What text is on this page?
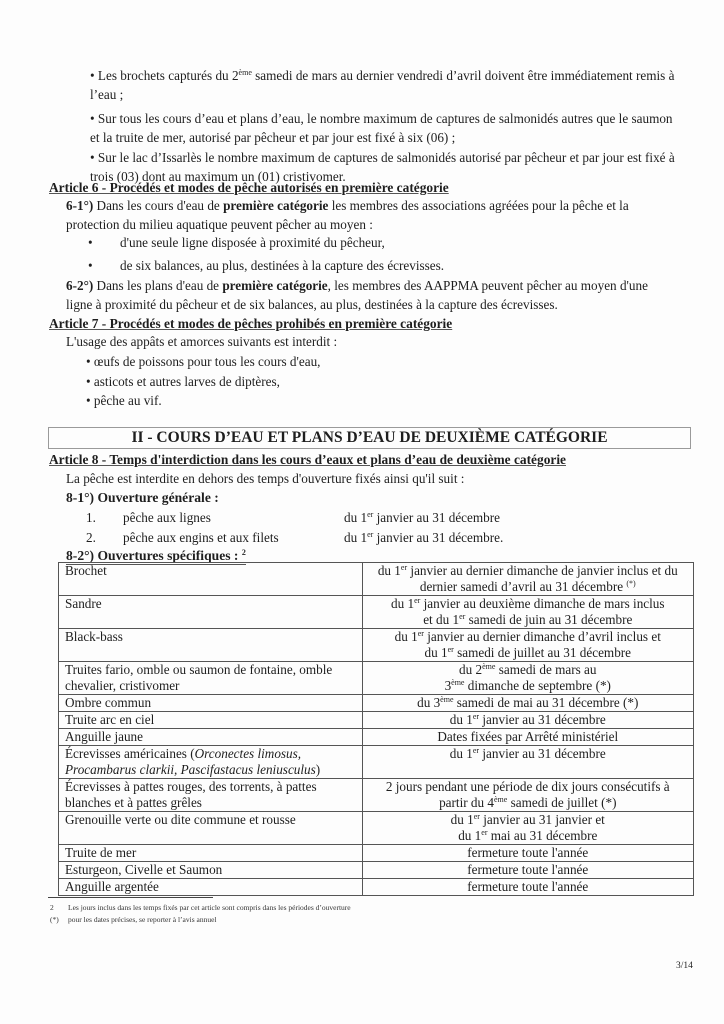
• Les brochets capturés du 2ème samedi de mars au dernier vendredi d’avril doivent être immédiatement remis à
l’eau ;
• Sur tous les cours d’eau et plans d’eau, le nombre maximum de captures de salmonidés autres que le saumon
et la truite de mer, autorisé par pêcheur et par jour est fixé à six (06) ;
• Sur le lac d’Issarlès le nombre maximum de captures de salmonidés autorisé par pêcheur et par jour est fixé à
trois (03) dont au maximum un (01) cristivomer.
Article 6 - Procédés et modes de pêche autorisés en première catégorie
6-1°) Dans les cours d'eau de première catégorie les membres des associations agréées pour la pêche et la
protection du milieu aquatique peuvent pêcher au moyen :
• d'une seule ligne disposée à proximité du pêcheur,
• de six balances, au plus, destinées à la capture des écrevisses.
6-2°) Dans les plans d'eau de première catégorie, les membres des AAPPMA peuvent pêcher au moyen d'une
ligne à proximité du pêcheur et de six balances, au plus, destinées à la capture des écrevisses.
Article 7 - Procédés et modes de pêches prohibés en première catégorie
L'usage des appâts et amorces suivants est interdit :
• œufs de poissons pour tous les cours d'eau,
• asticots et autres larves de diptères,
• pêche au vif.
II - COURS D’EAU ET PLANS D’EAU DE DEUXIÈME CATÉGORIE
Article 8 - Temps d'interdiction dans les cours d’eaux et plans d’eau de deuxième catégorie
La pêche est interdite en dehors des temps d'ouverture fixés ainsi qu'il suit :
8-1°) Ouverture générale :
1. pêche aux lignes	du 1er janvier au 31 décembre
2. pêche aux engins et aux filets	du 1er janvier au 31 décembre.
8-2°) Ouvertures spécifiques : $^2$
Brochet	du 1er janvier au dernier dimanche de janvier inclus et du
dernier samedi d’avril au 31 décembre (*)
Sandre	du 1er janvier au deuxième dimanche de mars inclus
et du 1er samedi de juin au 31 décembre
Black-bass	du 1er janvier au dernier dimanche d’avril inclus et
du 1er samedi de juillet au 31 décembre
Truites fario, omble ou saumon de fontaine, omble
chevalier, cristivomer	du 2ème samedi de mars au
3ème dimanche de septembre (*)
Ombre commun	du 3ème samedi de mai au 31 décembre (*)
Truite arc en ciel	du 1er janvier au 31 décembre
Anguille jaune	Dates fixées par Arrêté ministériel
Écrevisses américaines (Orconectes limosus,
Procambarus clarkii, Pascifastacus leniusculus)	du 1er janvier au 31 décembre
Écrevisses à pattes rouges, des torrents, à pattes
blanches et à pattes grêles	2 jours pendant une période de dix jours consécutifs à
partir du 4ème samedi de juillet (*)
Grenouille verte ou dite commune et rousse	du 1er janvier au 31 janvier et
du 1er mai au 31 décembre
Truite de mer	fermeture toute l'année
Esturgeon, Civelle et Saumon	fermeture toute l'année
Anguille argentée	fermeture toute l'année
2 Les jours inclus dans les temps fixés par cet article sont compris dans les périodes d’ouverture
(*) pour les dates précises, se reporter à l’avis annuel
3/14
